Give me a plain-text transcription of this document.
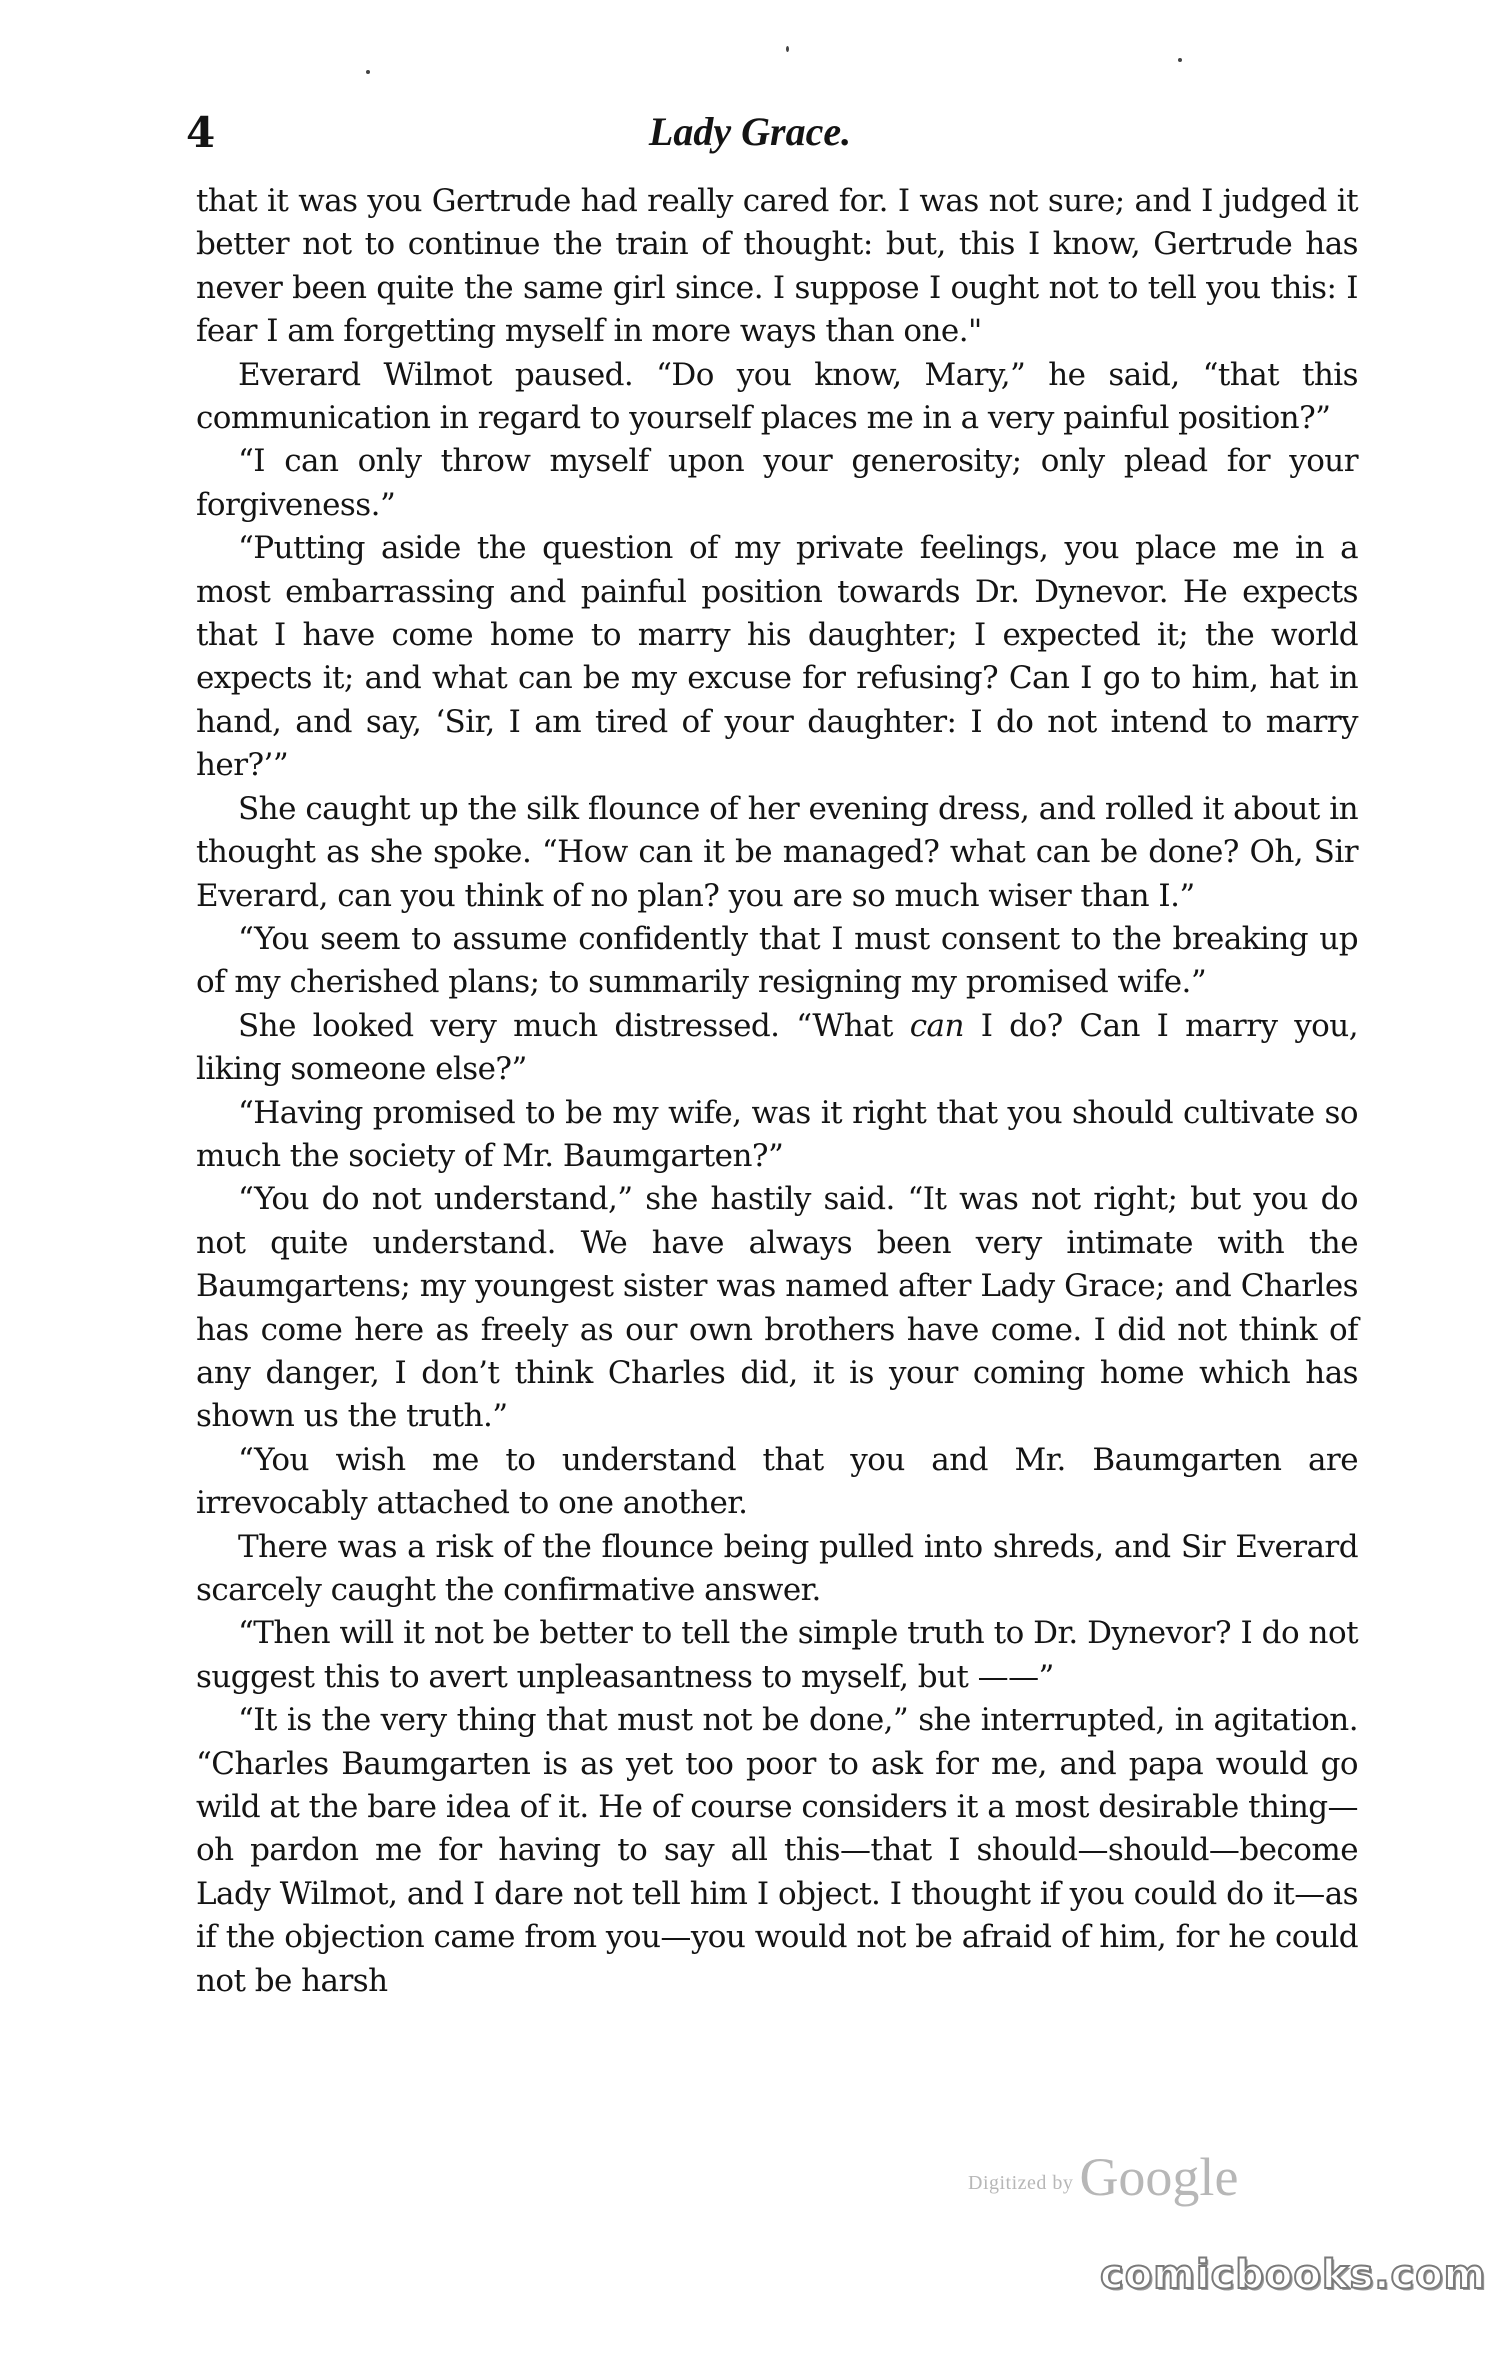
4	Lady Grace.

that it was you Gertrude had really cared for. I was not sure; and I judged it better not to continue the train of thought: but, this I know, Gertrude has never been quite the same girl since. I suppose I ought not to tell you this: I fear I am forgetting myself in more ways than one."

Everard Wilmot paused. “Do you know, Mary,” he said, “that this communication in regard to yourself places me in a very painful position?”

“I can only throw myself upon your generosity; only plead for your forgiveness.”

“Putting aside the question of my private feelings, you place me in a most embarrassing and painful position towards Dr. Dynevor. He expects that I have come home to marry his daughter; I expected it; the world expects it; and what can be my excuse for refusing? Can I go to him, hat in hand, and say, ‘Sir, I am tired of your daughter: I do not intend to marry her?’”

She caught up the silk flounce of her evening dress, and rolled it about in thought as she spoke. “How can it be managed? what can be done? Oh, Sir Everard, can you think of no plan? you are so much wiser than I.”

“You seem to assume confidently that I must consent to the breaking up of my cherished plans; to summarily resigning my promised wife.”

She looked very much distressed. “What can I do? Can I marry you, liking someone else?”

“Having promised to be my wife, was it right that you should cultivate so much the society of Mr. Baumgarten?”

“You do not understand,” she hastily said. “It was not right; but you do not quite understand. We have always been very intimate with the Baumgartens; my youngest sister was named after Lady Grace; and Charles has come here as freely as our own brothers have come. I did not think of any danger, I don’t think Charles did, it is your coming home which has shown us the truth.”

“You wish me to understand that you and Mr. Baumgarten are irrevocably attached to one another.

There was a risk of the flounce being pulled into shreds, and Sir Everard scarcely caught the confirmative answer.

“Then will it not be better to tell the simple truth to Dr. Dynevor? I do not suggest this to avert unpleasantness to myself, but ——”

“It is the very thing that must not be done,” she interrupted, in agitation. “Charles Baumgarten is as yet too poor to ask for me, and papa would go wild at the bare idea of it. He of course considers it a most desirable thing—oh pardon me for having to say all this—that I should—should—become Lady Wilmot, and I dare not tell him I object. I thought if you could do it—as if the objection came from you—you would not be afraid of him, for he could not be harsh

Digitized by Google
comicbooks.com
